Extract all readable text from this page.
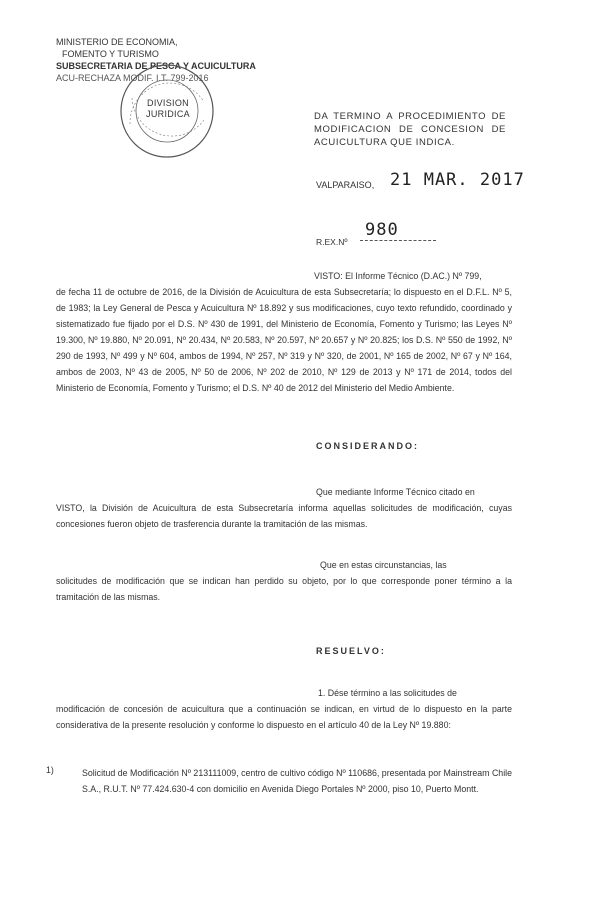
MINISTERIO DE ECONOMIA,
FOMENTO Y TURISMO
SUBSECRETARIA DE PESCA Y ACUICULTURA
ACU-RECHAZA MODIF. I.T. 799-2016
DIVISION
JURIDICA	DA TERMINO A PROCEDIMIENTO DE MODIFICACION DE CONCESION DE ACUICULTURA QUE INDICA.
VALPARAISO, 21 MAR. 2017
R.EX.Nº
980
VISTO: El Informe Técnico (D.AC.) Nº 799,
de fecha 11 de octubre de 2016, de la División de Acuicultura de esta Subsecretaría; lo dispuesto en el D.F.L. Nº 5, de 1983; la Ley General de Pesca y Acuicultura Nº 18.892 y sus modificaciones, cuyo texto refundido, coordinado y sistematizado fue fijado por el D.S. Nº 430 de 1991, del Ministerio de Economía, Fomento y Turismo; las Leyes Nº 19.300, Nº 19.880, Nº 20.091, Nº 20.434, Nº 20.583, Nº 20.597, Nº 20.657 y Nº 20.825; los D.S. Nº 550 de 1992, Nº 290 de 1993, Nº 499 y Nº 604, ambos de 1994, Nº 257, Nº 319 y Nº 320, de 2001, Nº 165 de 2002, Nº 67 y Nº 164, ambos de 2003, Nº 43 de 2005, Nº 50 de 2006, Nº 202 de 2010, Nº 129 de 2013 y Nº 171 de 2014, todos del Ministerio de Economía, Fomento y Turismo; el D.S. Nº 40 de 2012 del Ministerio del Medio Ambiente.
CONSIDERANDO:
Que mediante Informe Técnico citado en
VISTO, la División de Acuicultura de esta Subsecretaría informa aquellas solicitudes de modificación, cuyas concesiones fueron objeto de trasferencia durante la tramitación de las mismas.
Que en estas circunstancias, las
solicitudes de modificación que se indican han perdido su objeto, por lo que corresponde poner término a la tramitación de las mismas.
RESUELVO:
1. Dése término a las solicitudes de
modificación de concesión de acuicultura que a continuación se indican, en virtud de lo dispuesto en la parte considerativa de la presente resolución y conforme lo dispuesto en el artículo 40 de la Ley Nº 19.880:
1)	Solicitud de Modificación Nº 213111009, centro de cultivo código Nº 110686, presentada por Mainstream Chile S.A., R.U.T. Nº 77.424.630-4 con domicilio en Avenida Diego Portales Nº 2000, piso 10, Puerto Montt.
